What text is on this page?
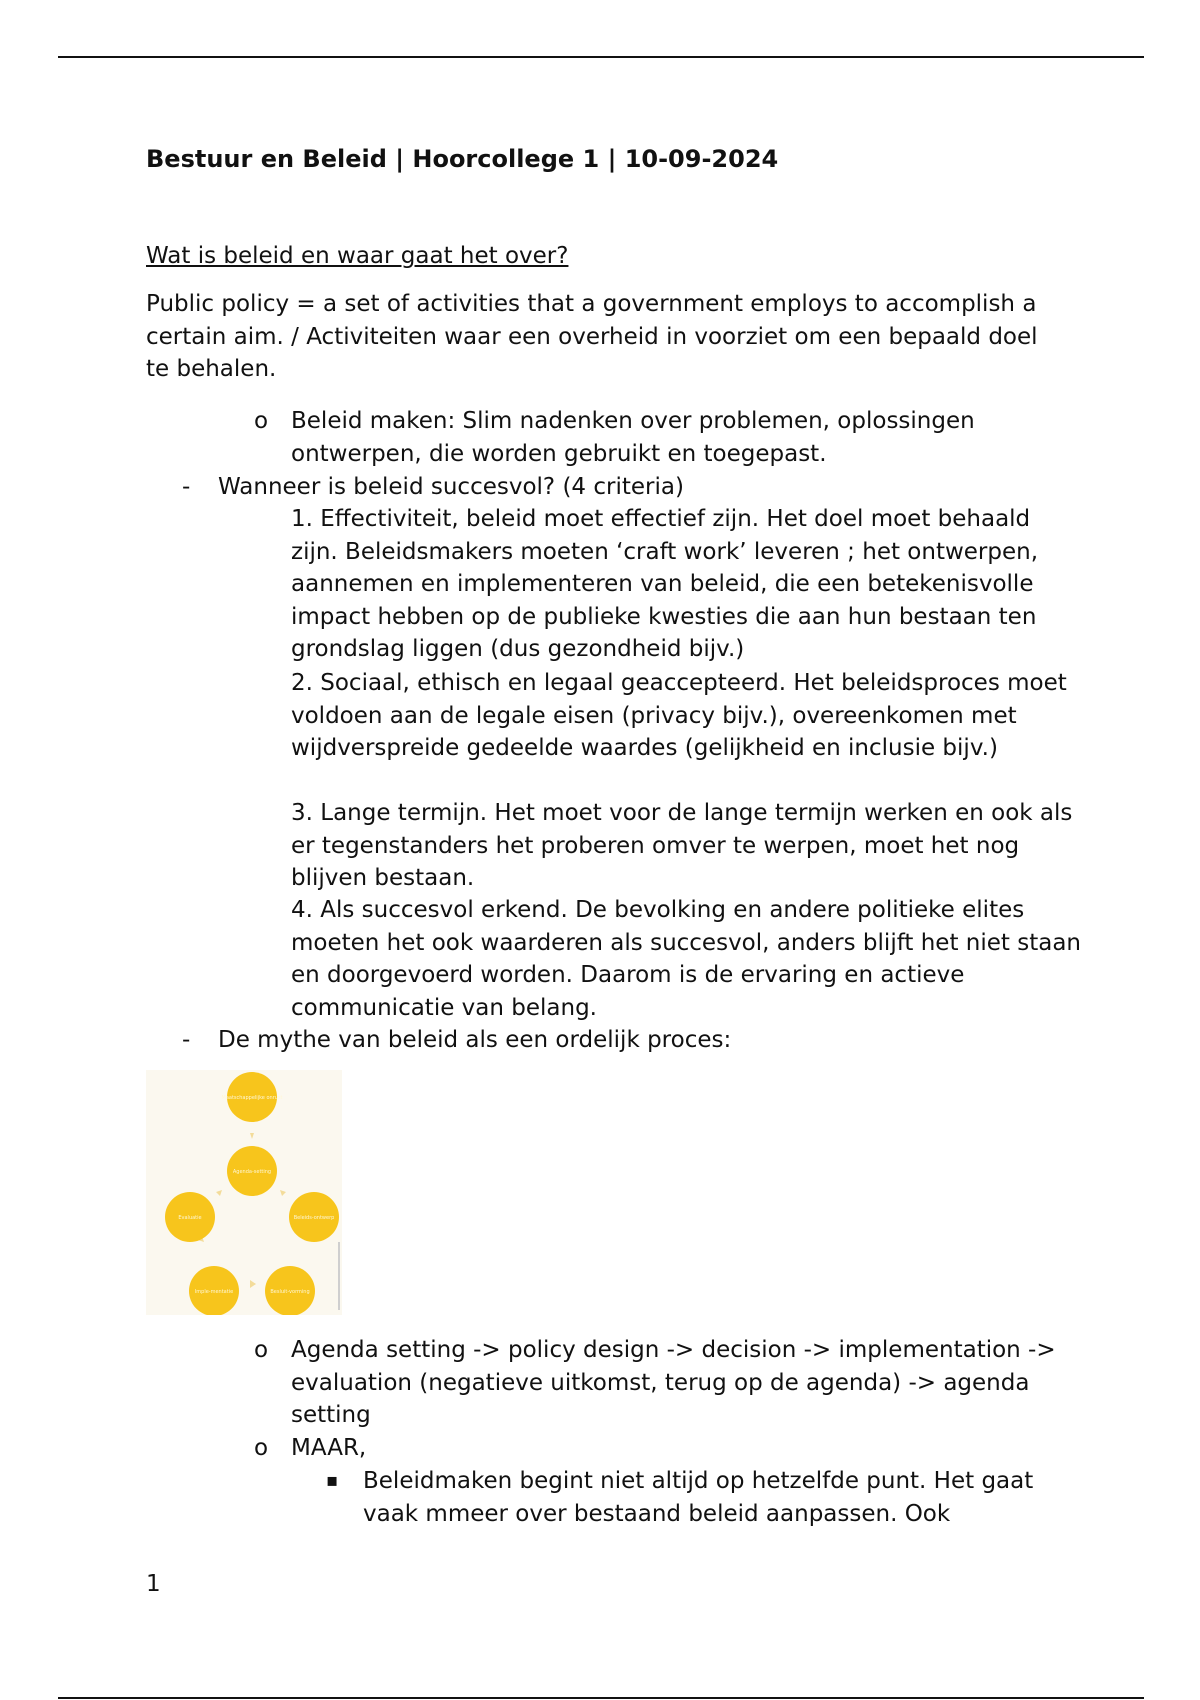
Bestuur en Beleid | Hoorcollege 1 | 10-09-2024
Wat is beleid en waar gaat het over?

Public policy = a set of activities that a government employs to accomplish a certain aim. / Activiteiten waar een overheid in voorziet om een bepaald doel te behalen.

o Beleid maken: Slim nadenken over problemen, oplossingen ontwerpen, die worden gebruikt en toegepast.

- Wanneer is beleid succesvol? (4 criteria)

1. Effectiviteit, beleid moet effectief zijn. Het doel moet behaald zijn. Beleidsmakers moeten ‘craft work’ leveren ; het ontwerpen, aannemen en implementeren van beleid, die een betekenisvolle impact hebben op de publieke kwesties die aan hun bestaan ten grondslag liggen (dus gezondheid bijv.)

2. Sociaal, ethisch en legaal geaccepteerd. Het beleidsproces moet voldoen aan de legale eisen (privacy bijv.), overeenkomen met wijdverspreide gedeelde waardes (gelijkheid en inclusie bijv.)

3. Lange termijn. Het moet voor de lange termijn werken en ook als er tegenstanders het proberen omver te werpen, moet het nog blijven bestaan.

4. Als succesvol erkend. De bevolking en andere politieke elites moeten het ook waarderen als succesvol, anders blijft het niet staan en doorgevoerd worden. Daarom is de ervaring en actieve communicatie van belang.

- De mythe van beleid als een ordelijk proces:

Maatschappelijke onrust
Agenda-setting
Beleids-ontwerp
Besluit-vorming
Imple-mentatie
Evaluatie
o Agenda setting -> policy design -> decision -> implementation -> evaluation (negatieve uitkomst, terug op de agenda) -> agenda setting

o MAAR,

▪ Beleidmaken begint niet altijd op hetzelfde punt. Het gaat vaak mmeer over bestaand beleid aanpassen. Ook

1
